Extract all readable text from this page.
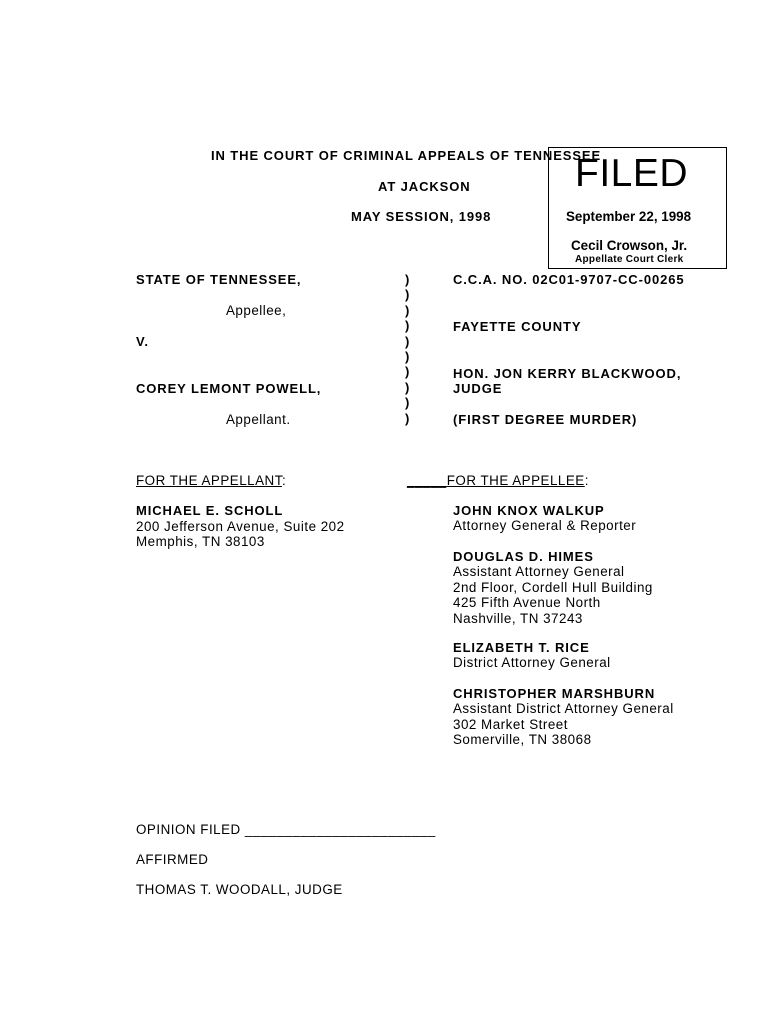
IN THE COURT OF CRIMINAL APPEALS OF TENNESSEE
AT JACKSON
MAY SESSION, 1998
FILED
September 22, 1998
Cecil Crowson, Jr.
Appellate Court Clerk
STATE OF TENNESSEE,
Appellee,
V.
COREY LEMONT POWELL,
Appellant.
)
)
)
)
)
)
)
)
)
)
C.C.A. NO. 02C01-9707-CC-00265
FAYETTE COUNTY
HON. JON KERRY BLACKWOOD,
JUDGE
(FIRST DEGREE MURDER)
FOR THE APPELLANT:
MICHAEL E. SCHOLL
200 Jefferson Avenue, Suite 202
Memphis, TN 38103
_____FOR THE APPELLEE:
JOHN KNOX WALKUP
Attorney General & Reporter
DOUGLAS D. HIMES
Assistant Attorney General
2nd Floor, Cordell Hull Building
425 Fifth Avenue North
Nashville, TN 37243
ELIZABETH T. RICE
District Attorney General
CHRISTOPHER MARSHBURN
Assistant District Attorney General
302 Market Street
Somerville, TN 38068
OPINION FILED ________________________
AFFIRMED
THOMAS T. WOODALL, JUDGE
